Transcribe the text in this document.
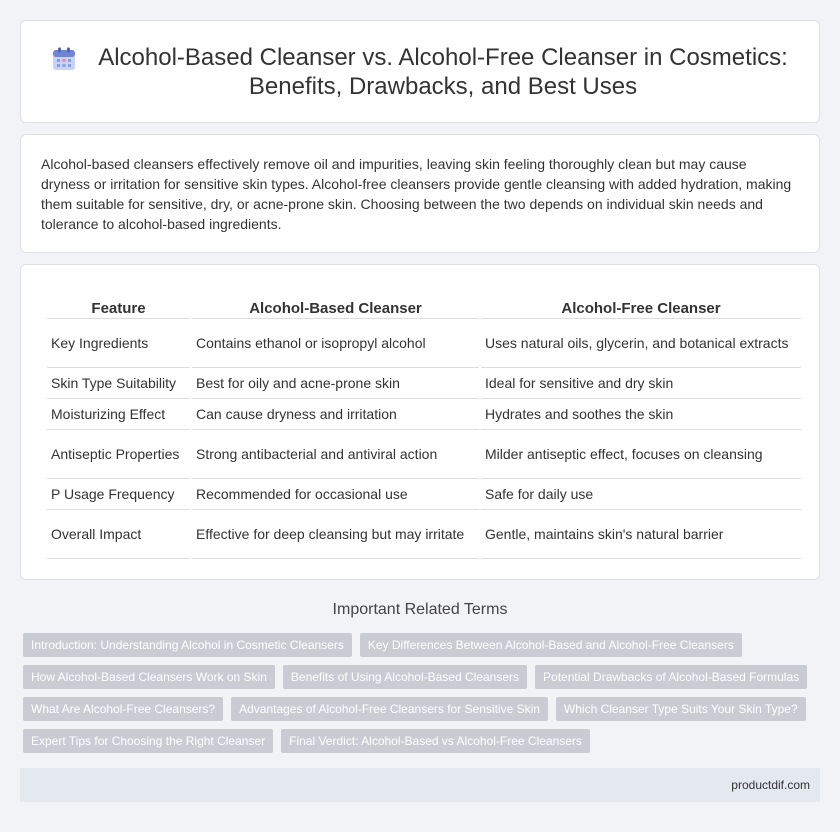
Alcohol-Based Cleanser vs. Alcohol-Free Cleanser in Cosmetics: Benefits, Drawbacks, and Best Uses

Alcohol-based cleansers effectively remove oil and impurities, leaving skin feeling thoroughly clean but may cause dryness or irritation for sensitive skin types. Alcohol-free cleansers provide gentle cleansing with added hydration, making them suitable for sensitive, dry, or acne-prone skin. Choosing between the two depends on individual skin needs and tolerance to alcohol-based ingredients.

Feature	Alcohol-Based Cleanser	Alcohol-Free Cleanser
Key Ingredients	Contains ethanol or isopropyl alcohol	Uses natural oils, glycerin, and botanical extracts
Skin Type Suitability	Best for oily and acne-prone skin	Ideal for sensitive and dry skin
Moisturizing Effect	Can cause dryness and irritation	Hydrates and soothes the skin
Antiseptic Properties	Strong antibacterial and antiviral action	Milder antiseptic effect, focuses on cleansing
P Usage Frequency	Recommended for occasional use	Safe for daily use
Overall Impact	Effective for deep cleansing but may irritate	Gentle, maintains skin's natural barrier
Important Related Terms
Introduction: Understanding Alcohol in Cosmetic Cleansers	Key Differences Between Alcohol-Based and Alcohol-Free Cleansers
How Alcohol-Based Cleansers Work on Skin	Benefits of Using Alcohol-Based Cleansers	Potential Drawbacks of Alcohol-Based Formulas
What Are Alcohol-Free Cleansers?	Advantages of Alcohol-Free Cleansers for Sensitive Skin	Which Cleanser Type Suits Your Skin Type?
Expert Tips for Choosing the Right Cleanser	Final Verdict: Alcohol-Based vs Alcohol-Free Cleansers
productdif.com
